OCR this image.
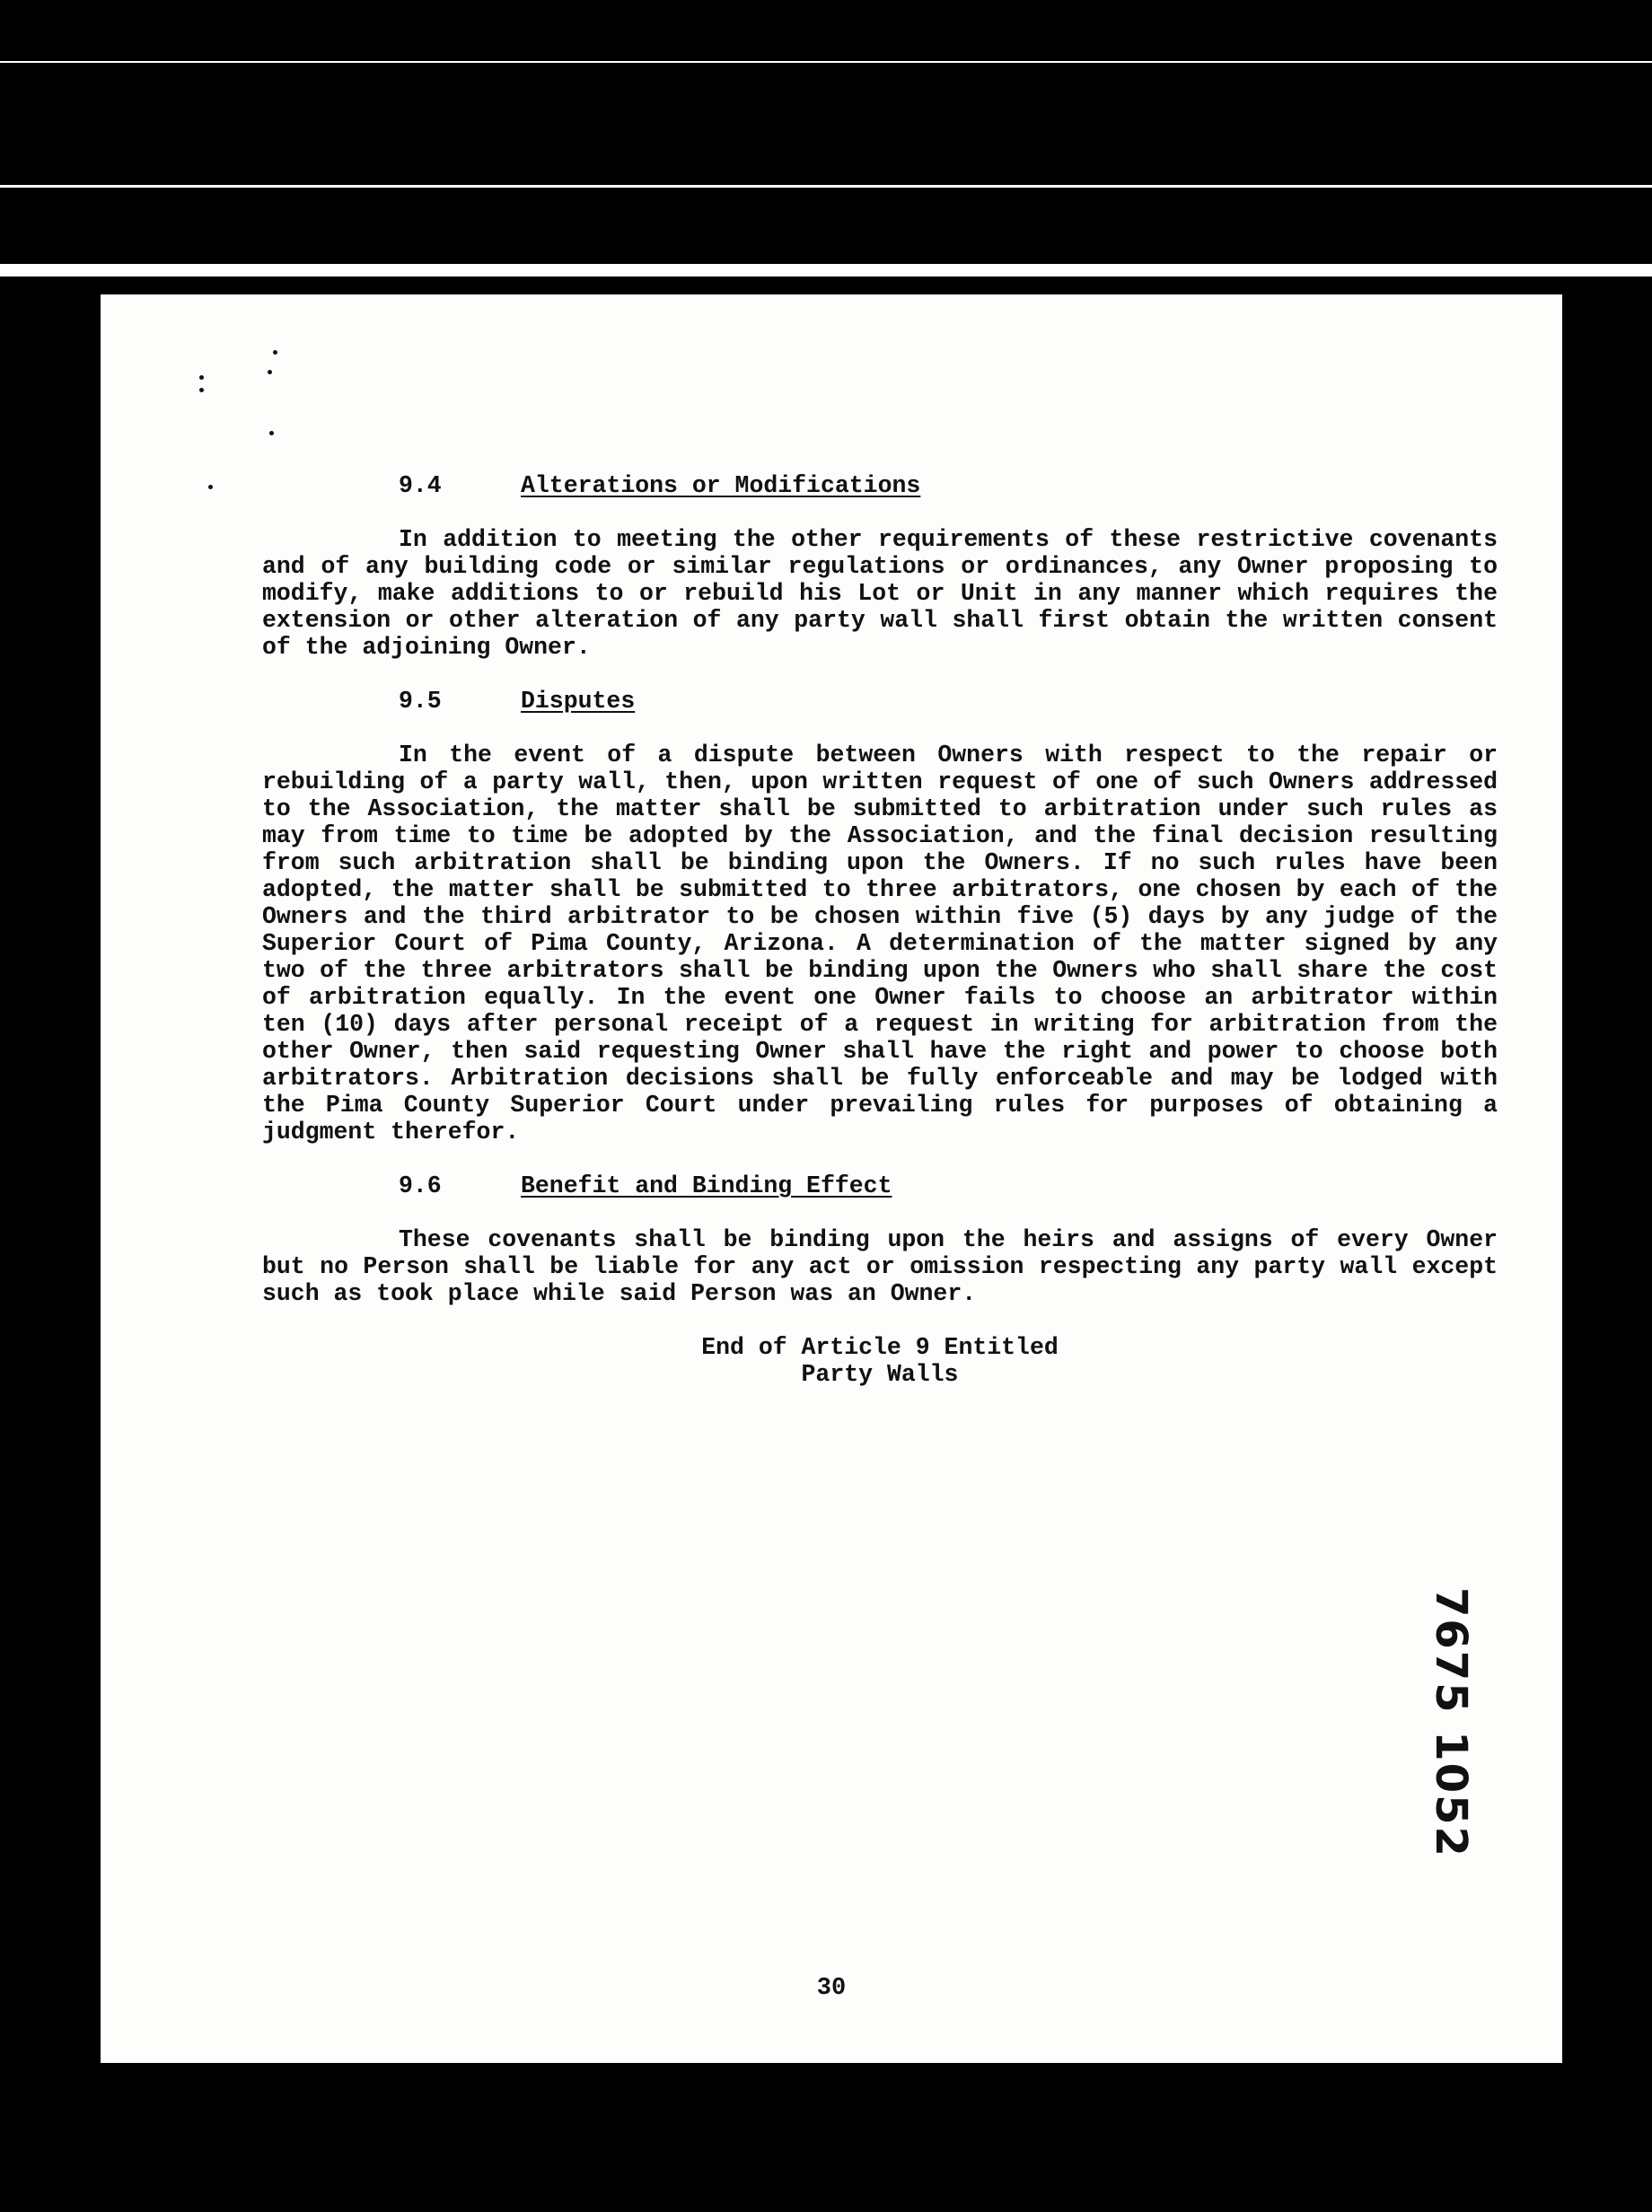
9.4	Alterations or Modifications

In addition to meeting the other requirements of these restrictive covenants and of any building code or similar regulations or ordinances, any Owner proposing to modify, make additions to or rebuild his Lot or Unit in any manner which requires the extension or other alteration of any party wall shall first obtain the written consent of the adjoining Owner.

9.5	Disputes

In the event of a dispute between Owners with respect to the repair or rebuilding of a party wall, then, upon written request of one of such Owners addressed to the Association, the matter shall be submitted to arbitration under such rules as may from time to time be adopted by the Association, and the final decision resulting from such arbitration shall be binding upon the Owners. If no such rules have been adopted, the matter shall be submitted to three arbitrators, one chosen by each of the Owners and the third arbitrator to be chosen within five (5) days by any judge of the Superior Court of Pima County, Arizona. A determination of the matter signed by any two of the three arbitrators shall be binding upon the Owners who shall share the cost of arbitration equally. In the event one Owner fails to choose an arbitrator within ten (10) days after personal receipt of a request in writing for arbitration from the other Owner, then said requesting Owner shall have the right and power to choose both arbitrators. Arbitration decisions shall be fully enforceable and may be lodged with the Pima County Superior Court under prevailing rules for purposes of obtaining a judgment therefor.

9.6	Benefit and Binding Effect

These covenants shall be binding upon the heirs and assigns of every Owner but no Person shall be liable for any act or omission respecting any party wall except such as took place while said Person was an Owner.

End of Article 9 Entitled
Party Walls
7675 1052
30
